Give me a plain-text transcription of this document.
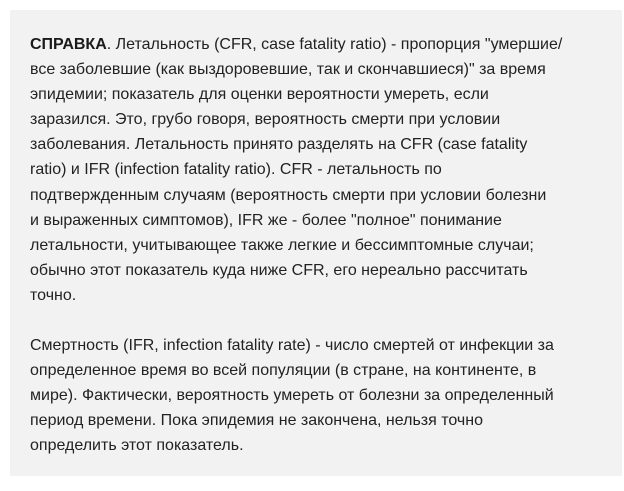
СПРАВКА. Летальность (CFR, case fatality ratio) - пропорция "умершие/
все заболевшие (как выздоровевшие, так и скончавшиеся)" за время
эпидемии; показатель для оценки вероятности умереть, если
заразился. Это, грубо говоря, вероятность смерти при условии
заболевания. Летальность принято разделять на CFR (case fatality
ratio) и IFR (infection fatality ratio). CFR - летальность по
подтвержденным случаям (вероятность смерти при условии болезни
и выраженных симптомов), IFR же - более "полное" понимание
летальности, учитывающее также легкие и бессимптомные случаи;
обычно этот показатель куда ниже CFR, его нереально рассчитать
точно.

Смертность (IFR, infection fatality rate) - число смертей от инфекции за
определенное время во всей популяции (в стране, на континенте, в
мире). Фактически, вероятность умереть от болезни за определенный
период времени. Пока эпидемия не закончена, нельзя точно
определить этот показатель.
